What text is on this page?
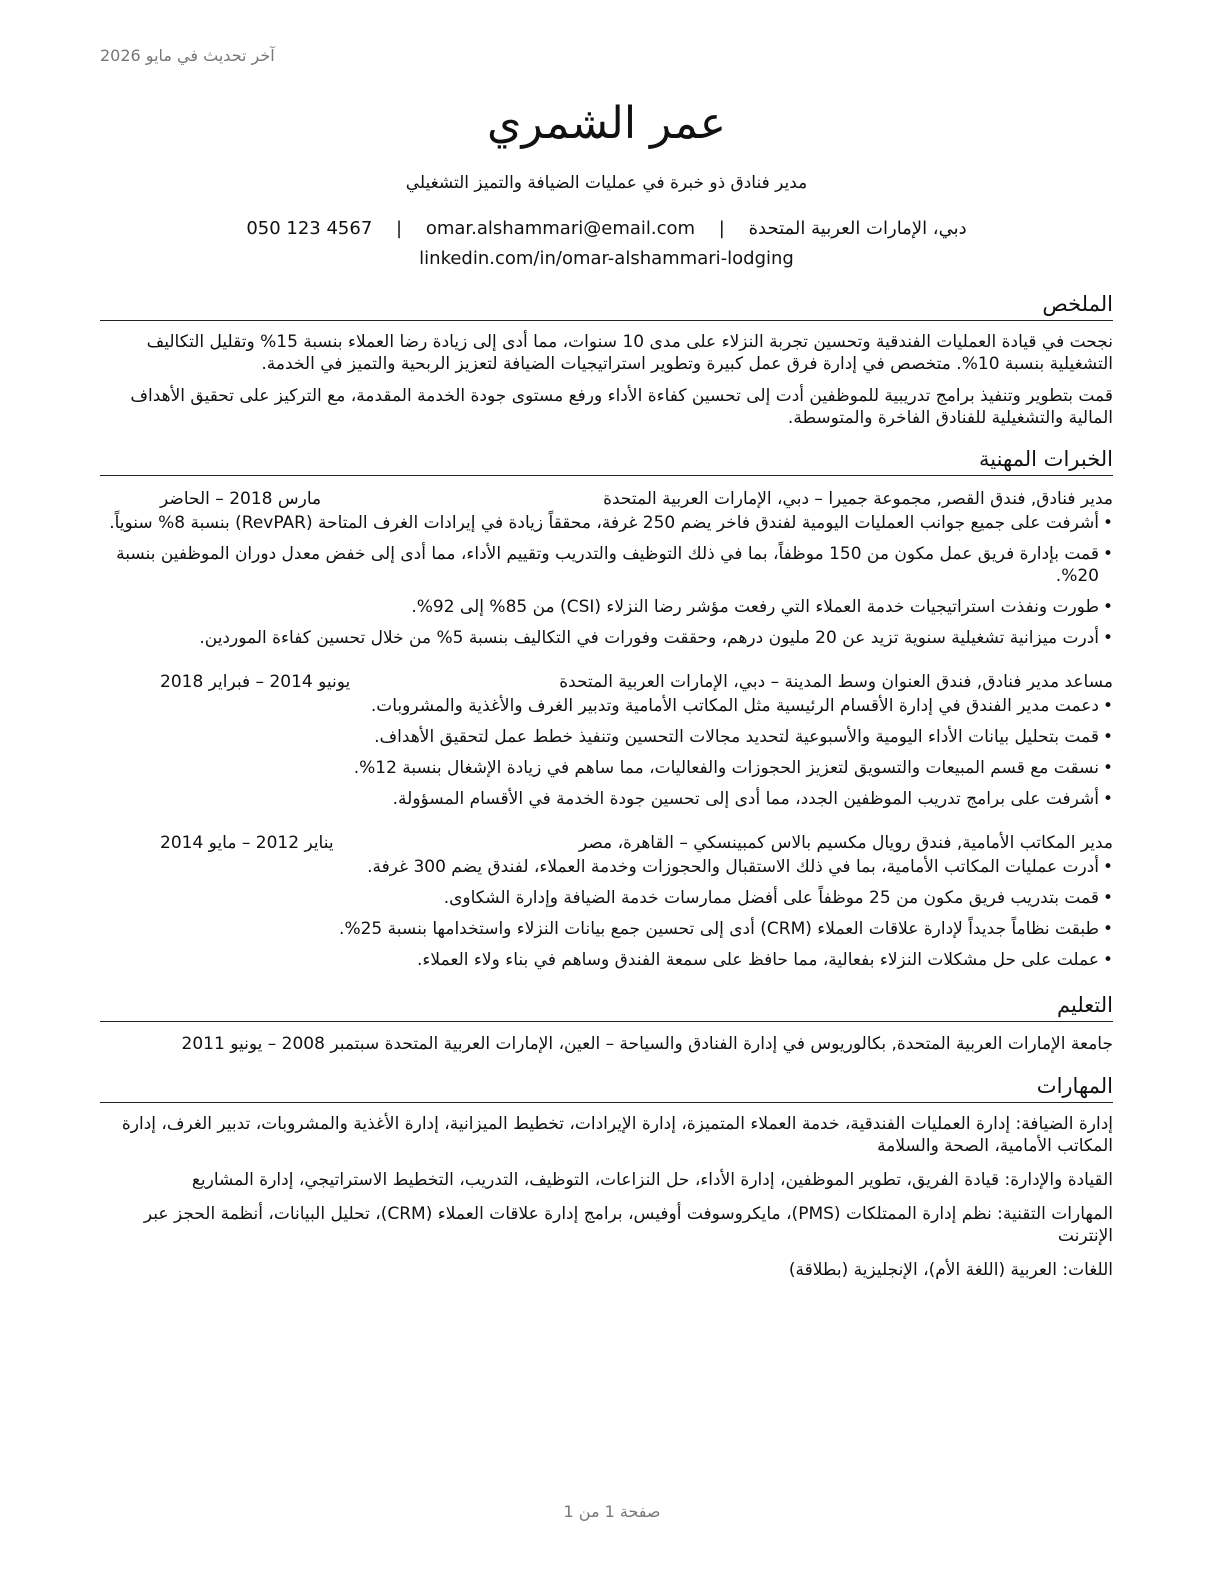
آخر تحديث في مايو 2026
عمر الشمري
مدير فنادق ذو خبرة في عمليات الضيافة والتميز التشغيلي
دبي، الإمارات العربية المتحدة | omar.alshammari@email.com | 050 123 4567
linkedin.com/in/omar-alshammari-lodging
الملخص

نجحت في قيادة العمليات الفندقية وتحسين تجربة النزلاء على مدى 10 سنوات، مما أدى إلى زيادة رضا العملاء بنسبة 15% وتقليل التكاليف التشغيلية بنسبة 10%. متخصص في إدارة فرق عمل كبيرة وتطوير استراتيجيات الضيافة لتعزيز الربحية والتميز في الخدمة.

قمت بتطوير وتنفيذ برامج تدريبية للموظفين أدت إلى تحسين كفاءة الأداء ورفع مستوى جودة الخدمة المقدمة، مع التركيز على تحقيق الأهداف المالية والتشغيلية للفنادق الفاخرة والمتوسطة.

الخبرات المهنية
مدير فنادق, فندق القصر, مجموعة جميرا – دبي، الإمارات العربية المتحدة
مارس 2018 – الحاضر
• أشرفت على جميع جوانب العمليات اليومية لفندق فاخر يضم 250 غرفة، محققاً زيادة في إيرادات الغرف المتاحة (RevPAR) بنسبة 8% سنوياً.
• قمت بإدارة فريق عمل مكون من 150 موظفاً، بما في ذلك التوظيف والتدريب وتقييم الأداء، مما أدى إلى خفض معدل دوران الموظفين بنسبة 20%.
• طورت ونفذت استراتيجيات خدمة العملاء التي رفعت مؤشر رضا النزلاء (CSI) من 85% إلى 92%.
• أدرت ميزانية تشغيلية سنوية تزيد عن 20 مليون درهم، وحققت وفورات في التكاليف بنسبة 5% من خلال تحسين كفاءة الموردين.
مساعد مدير فنادق, فندق العنوان وسط المدينة – دبي، الإمارات العربية المتحدة
يونيو 2014 – فبراير 2018
• دعمت مدير الفندق في إدارة الأقسام الرئيسية مثل المكاتب الأمامية وتدبير الغرف والأغذية والمشروبات.
• قمت بتحليل بيانات الأداء اليومية والأسبوعية لتحديد مجالات التحسين وتنفيذ خطط عمل لتحقيق الأهداف.
• نسقت مع قسم المبيعات والتسويق لتعزيز الحجوزات والفعاليات، مما ساهم في زيادة الإشغال بنسبة 12%.
• أشرفت على برامج تدريب الموظفين الجدد، مما أدى إلى تحسين جودة الخدمة في الأقسام المسؤولة.
مدير المكاتب الأمامية, فندق رويال مكسيم بالاس كمبينسكي – القاهرة، مصر
يناير 2012 – مايو 2014
• أدرت عمليات المكاتب الأمامية، بما في ذلك الاستقبال والحجوزات وخدمة العملاء، لفندق يضم 300 غرفة.
• قمت بتدريب فريق مكون من 25 موظفاً على أفضل ممارسات خدمة الضيافة وإدارة الشكاوى.
• طبقت نظاماً جديداً لإدارة علاقات العملاء (CRM) أدى إلى تحسين جمع بيانات النزلاء واستخدامها بنسبة 25%.
• عملت على حل مشكلات النزلاء بفعالية، مما حافظ على سمعة الفندق وساهم في بناء ولاء العملاء.
التعليم
جامعة الإمارات العربية المتحدة, بكالوريوس في إدارة الفنادق والسياحة – العين، الإمارات العربية المتحدة سبتمبر 2008 – يونيو 2011
المهارات
إدارة الضيافة: إدارة العمليات الفندقية، خدمة العملاء المتميزة، إدارة الإيرادات، تخطيط الميزانية، إدارة الأغذية والمشروبات، تدبير الغرف، إدارة المكاتب الأمامية، الصحة والسلامة
القيادة والإدارة: قيادة الفريق، تطوير الموظفين، إدارة الأداء، حل النزاعات، التوظيف، التدريب، التخطيط الاستراتيجي، إدارة المشاريع
المهارات التقنية: نظم إدارة الممتلكات (PMS)، مايكروسوفت أوفيس، برامج إدارة علاقات العملاء (CRM)، تحليل البيانات، أنظمة الحجز عبر الإنترنت
اللغات: العربية (اللغة الأم)، الإنجليزية (بطلاقة)
صفحة 1 من 1
